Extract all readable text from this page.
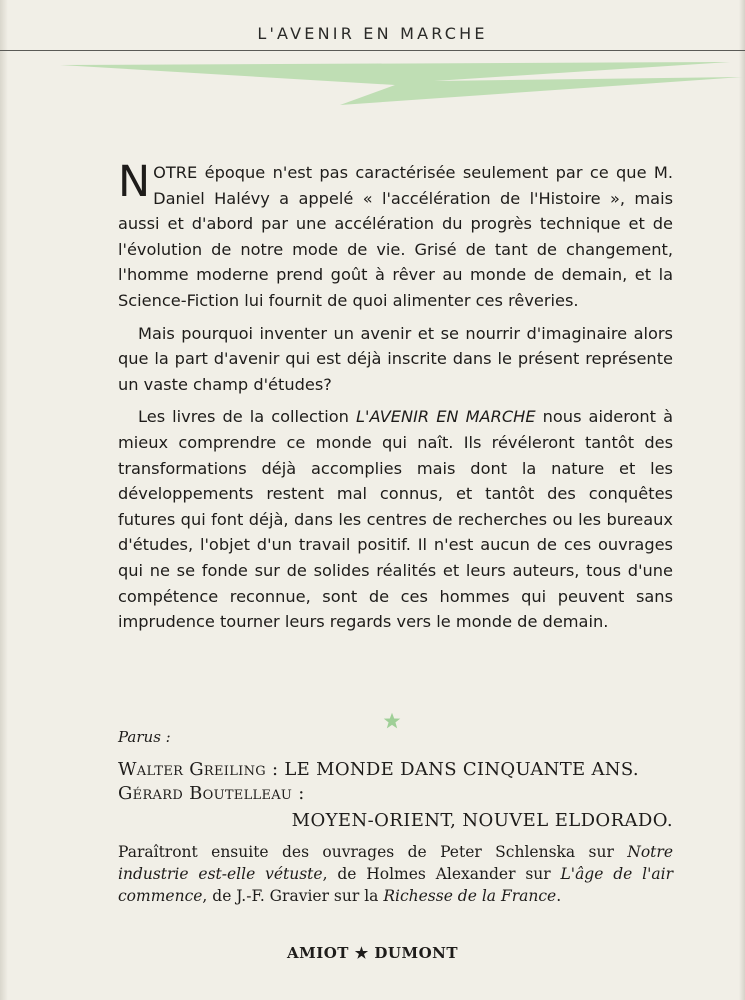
L'AVENIR EN MARCHE

NOTRE époque n'est pas caractérisée seulement par ce que M. Daniel Halévy a appelé « l'accélération de l'Histoire », mais aussi et d'abord par une accélération du progrès technique et de l'évolution de notre mode de vie. Grisé de tant de changement, l'homme moderne prend goût à rêver au monde de demain, et la Science-Fiction lui fournit de quoi alimenter ces rêveries.

Mais pourquoi inventer un avenir et se nourrir d'imaginaire alors que la part d'avenir qui est déjà inscrite dans le présent représente un vaste champ d'études?

Les livres de la collection L'AVENIR EN MARCHE nous aideront à mieux comprendre ce monde qui naît. Ils révéleront tantôt des transformations déjà accomplies mais dont la nature et les développements restent mal connus, et tantôt des conquêtes futures qui font déjà, dans les centres de recherches ou les bureaux d'études, l'objet d'un travail positif. Il n'est aucun de ces ouvrages qui ne se fonde sur de solides réalités et leurs auteurs, tous d'une compétence reconnue, sont de ces hommes qui peuvent sans imprudence tourner leurs regards vers le monde de demain.

Parus :
Walter Greiling : LE MONDE DANS CINQUANTE ANS.
Gérard Boutelleau :
MOYEN-ORIENT, NOUVEL ELDORADO.
Paraîtront ensuite des ouvrages de Peter Schlenska sur Notre industrie est-elle vétuste, de Holmes Alexander sur L'âge de l'air commence, de J.-F. Gravier sur la Richesse de la France.
AMIOT ★ DUMONT
